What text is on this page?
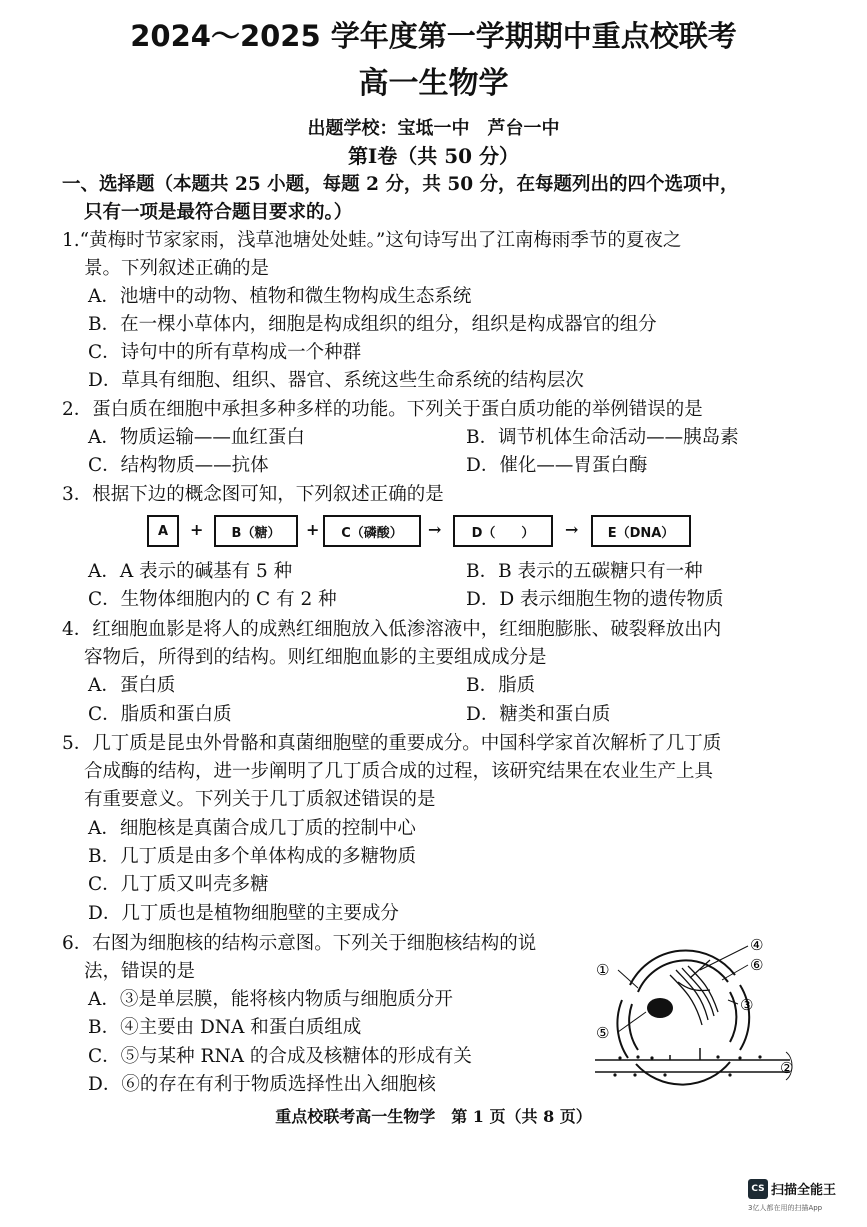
2024～2025 学年度第一学期期中重点校联考
高一生物学
出题学校：宝坻一中　芦台一中
第Ⅰ卷（共 50 分）
一、选择题（本题共 25 小题，每题 2 分，共 50 分，在每题列出的四个选项中，
只有一项是最符合题目要求的。）
1.“黄梅时节家家雨，浅草池塘处处蛙。”这句诗写出了江南梅雨季节的夏夜之
景。下列叙述正确的是
A．池塘中的动物、植物和微生物构成生态系统
B．在一棵小草体内，细胞是构成组织的组分，组织是构成器官的组分
C．诗句中的所有草构成一个种群
D．草具有细胞、组织、器官、系统这些生命系统的结构层次
2．蛋白质在细胞中承担多种多样的功能。下列关于蛋白质功能的举例错误的是
A．物质运输——血红蛋白	B．调节机体生命活动——胰岛素
C．结构物质——抗体	D．催化——胃蛋白酶
3．根据下边的概念图可知，下列叙述正确的是
A	+	B（糖）	+	C（磷酸）	→	D（　　）	→	E（DNA）
A．A 表示的碱基有 5 种	B．B 表示的五碳糖只有一种
C．生物体细胞内的 C 有 2 种	D．D 表示细胞生物的遗传物质
4．红细胞血影是将人的成熟红细胞放入低渗溶液中，红细胞膨胀、破裂释放出内
容物后，所得到的结构。则红细胞血影的主要组成成分是
A．蛋白质	B．脂质
C．脂质和蛋白质	D．糖类和蛋白质
5．几丁质是昆虫外骨骼和真菌细胞壁的重要成分。中国科学家首次解析了几丁质
合成酶的结构，进一步阐明了几丁质合成的过程，该研究结果在农业生产上具
有重要意义。下列关于几丁质叙述错误的是
A．细胞核是真菌合成几丁质的控制中心
B．几丁质是由多个单体构成的多糖物质
C．几丁质又叫壳多糖
D．几丁质也是植物细胞壁的主要成分
6．右图为细胞核的结构示意图。下列关于细胞核结构的说
法，错误的是
A．③是单层膜，能将核内物质与细胞质分开
B．④主要由 DNA 和蛋白质组成
C．⑤与某种 RNA 的合成及核糖体的形成有关
D．⑥的存在有利于物质选择性出入细胞核
①
④
⑥
③
⑤
②
重点校联考高一生物学　第 1 页（共 8 页）
CS 扫描全能王
3亿人都在用的扫描App
